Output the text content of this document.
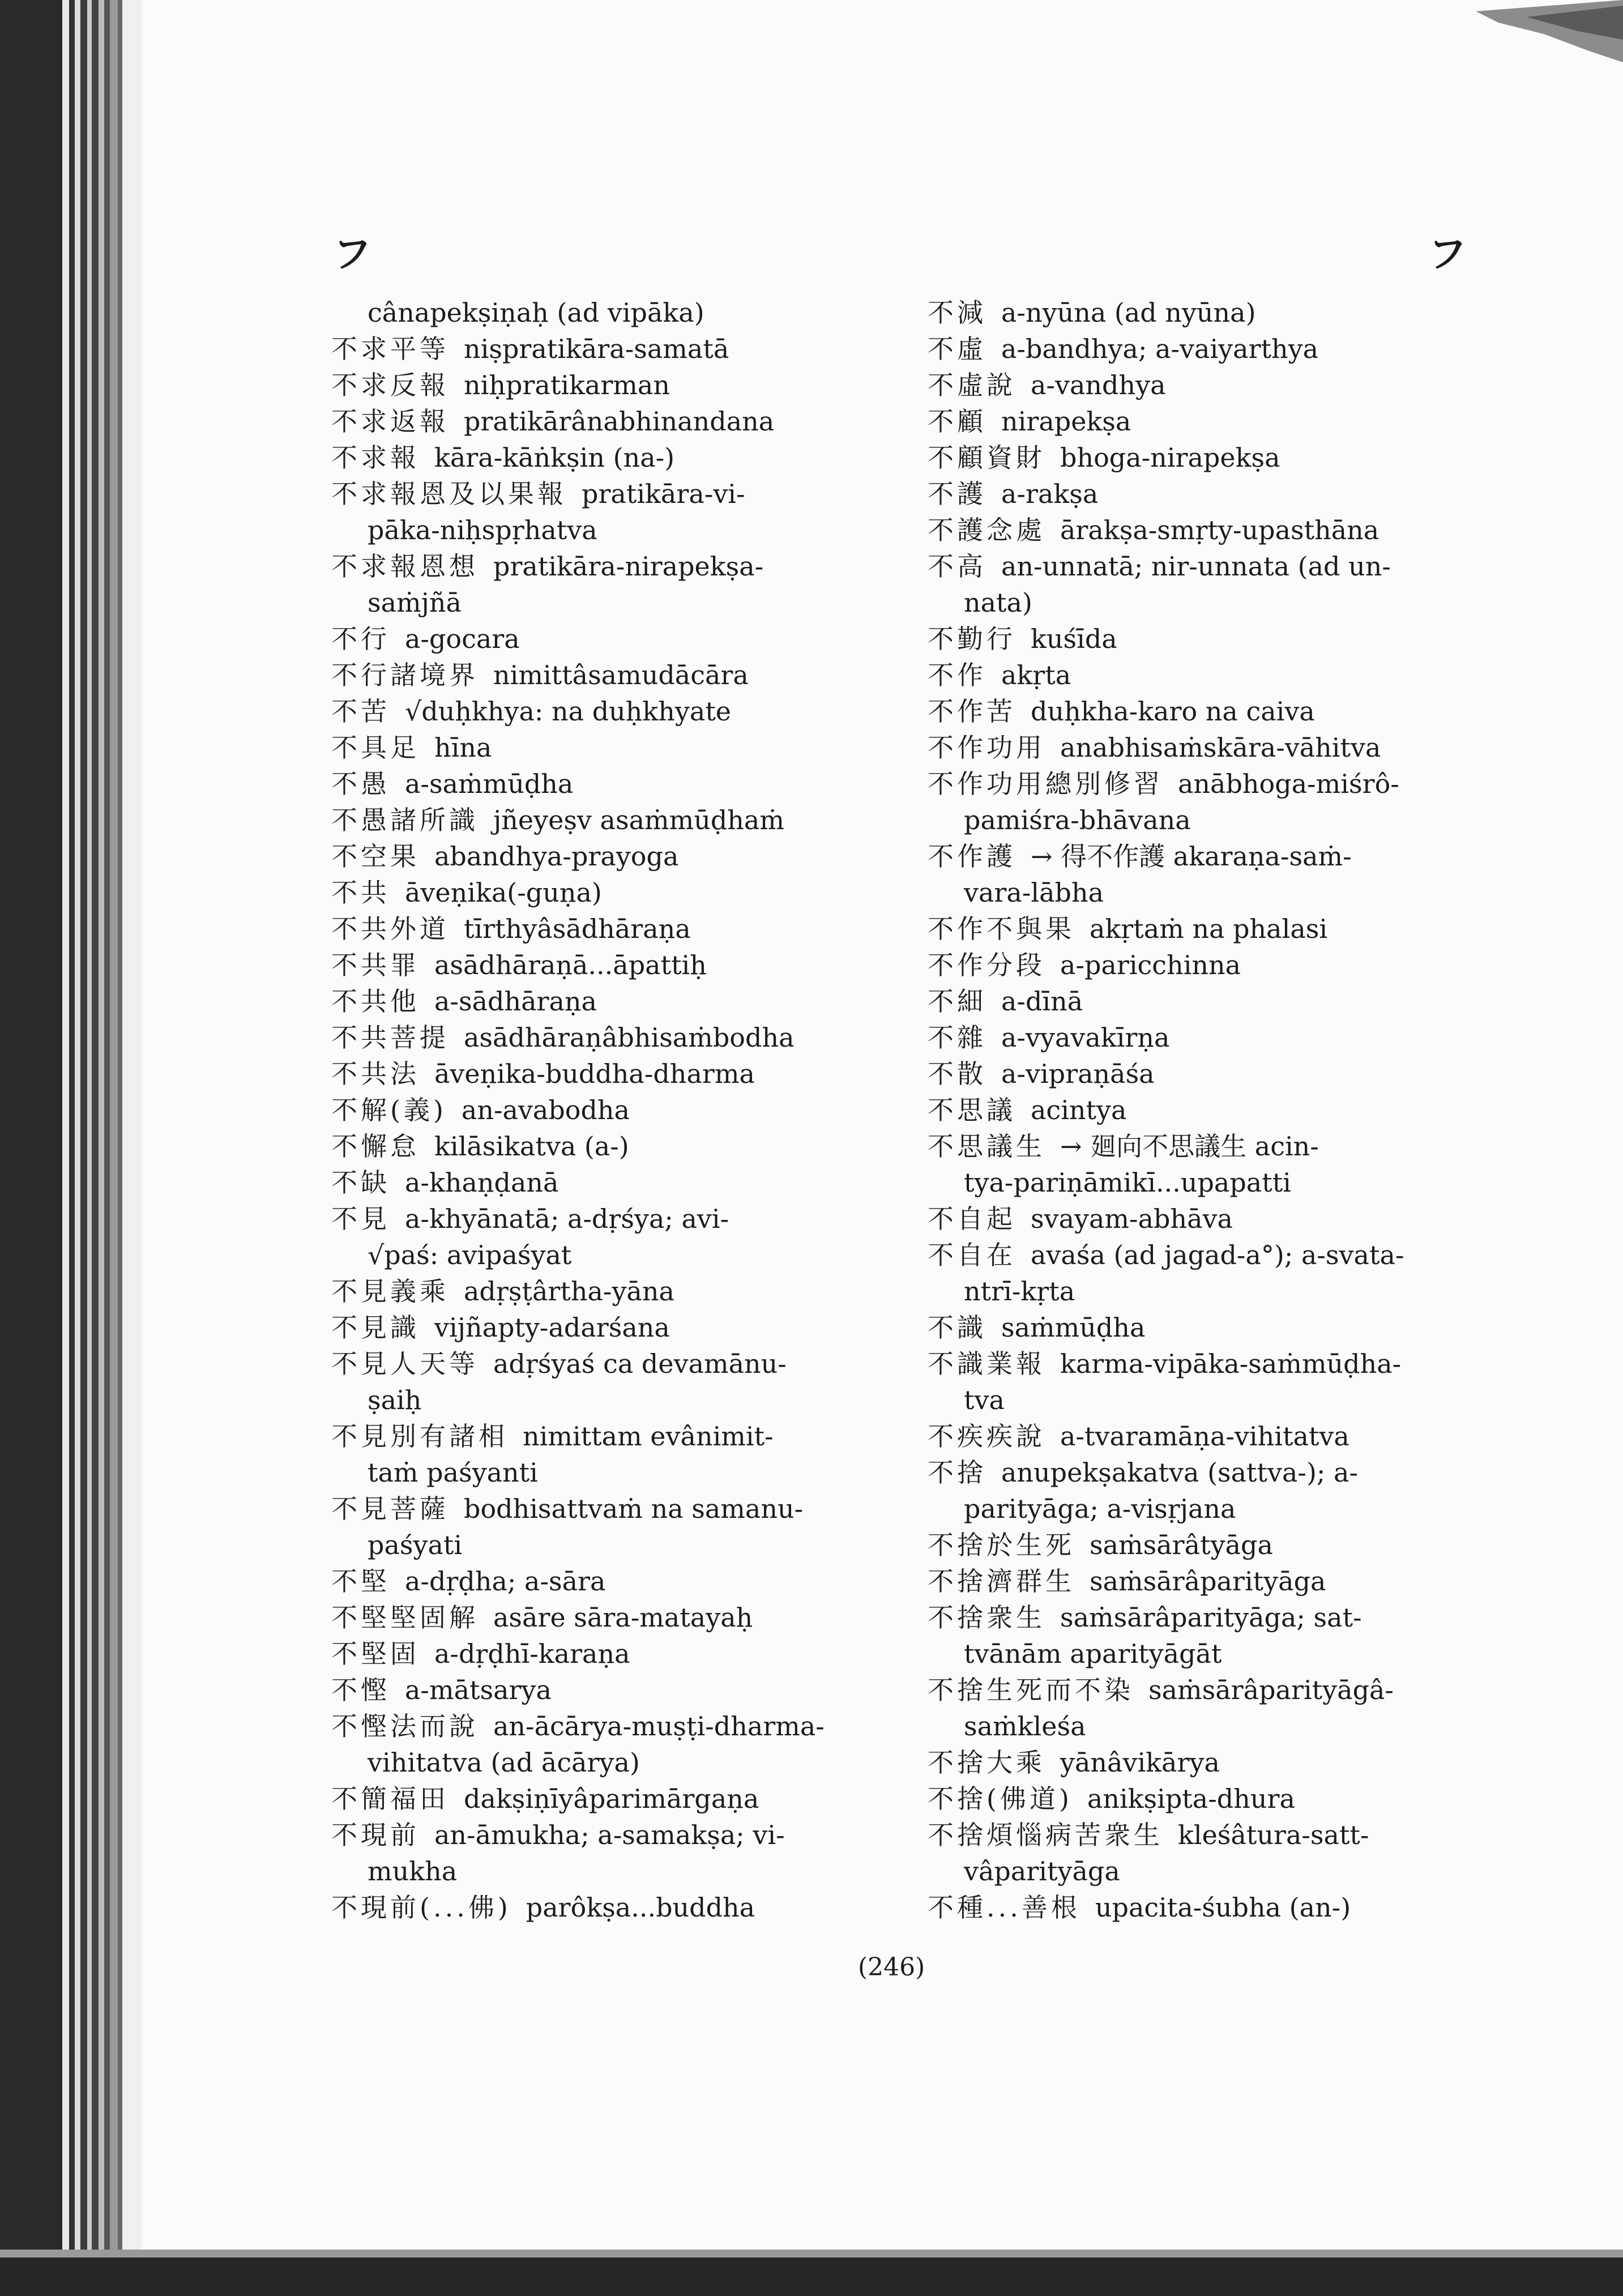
フ	フ
cânapekṣiṇaḥ (ad vipāka)
不求平等 niṣpratikāra-samatā
不求反報 niḥpratikarman
不求返報 pratikārânabhinandana
不求報 kāra-kāṅkṣin (na-)
不求報恩及以果報 pratikāra-vi-
pāka-niḥspṛhatva
不求報恩想 pratikāra-nirapekṣa-
saṁjñā
不行 a-gocara
不行諸境界 nimittâsamudācāra
不苦 √duḥkhya: na duḥkhyate
不具足 hīna
不愚 a-saṁmūḍha
不愚諸所識 jñeyeṣv asaṁmūḍhaṁ
不空果 abandhya-prayoga
不共 āveṇika(-guṇa)
不共外道 tīrthyâsādhāraṇa
不共罪 asādhāraṇā...āpattiḥ
不共他 a-sādhāraṇa
不共菩提 asādhāraṇâbhisaṁbodha
不共法 āveṇika-buddha-dharma
不解(義) an-avabodha
不懈怠 kilāsikatva (a-)
不缺 a-khaṇḍanā
不見 a-khyānatā; a-dṛśya; avi-
√paś: avipaśyat
不見義乘 adṛṣṭârtha-yāna
不見識 vijñapty-adarśana
不見人天等 adṛśyaś ca devamānu-
ṣaiḥ
不見別有諸相 nimittam evânimit-
taṁ paśyanti
不見菩薩 bodhisattvaṁ na samanu-
paśyati
不堅 a-dṛḍha; a-sāra
不堅堅固解 asāre sāra-matayaḥ
不堅固 a-dṛḍhī-karaṇa
不慳 a-mātsarya
不慳法而說 an-ācārya-muṣṭi-dharma-
vihitatva (ad ācārya)
不簡福田 dakṣiṇīyâparimārgaṇa
不現前 an-āmukha; a-samakṣa; vi-
mukha
不現前(...佛) parôkṣa...buddha
不減 a-nyūna (ad nyūna)
不虛 a-bandhya; a-vaiyarthya
不虛說 a-vandhya
不顧 nirapekṣa
不顧資財 bhoga-nirapekṣa
不護 a-rakṣa
不護念處 ārakṣa-smṛty-upasthāna
不高 an-unnatā; nir-unnata (ad un-
nata)
不勤行 kuśīda
不作 akṛta
不作苦 duḥkha-karo na caiva
不作功用 anabhisaṁskāra-vāhitva
不作功用總別修習 anābhoga-miśrô-
pamiśra-bhāvana
不作護 → 得不作護 akaraṇa-saṁ-
vara-lābha
不作不與果 akṛtaṁ na phalasi
不作分段 a-paricchinna
不細 a-dīnā
不雜 a-vyavakīrṇa
不散 a-vipraṇāśa
不思議 acintya
不思議生 → 廻向不思議生 acin-
tya-pariṇāmikī...upapatti
不自起 svayam-abhāva
不自在 avaśa (ad jagad-a°); a-svata-
ntrī-kṛta
不識 saṁmūḍha
不識業報 karma-vipāka-saṁmūḍha-
tva
不疾疾說 a-tvaramāṇa-vihitatva
不捨 anupekṣakatva (sattva-); a-
parityāga; a-visṛjana
不捨於生死 saṁsārâtyāga
不捨濟群生 saṁsārâparityāga
不捨衆生 saṁsārâparityāga; sat-
tvānām aparityāgāt
不捨生死而不染 saṁsārâparityāgâ-
saṁkleśa
不捨大乘 yānâvikārya
不捨(佛道) anikṣipta-dhura
不捨煩惱病苦衆生 kleśâtura-satt-
vâparityāga
不種...善根 upacita-śubha (an-)
(246)
